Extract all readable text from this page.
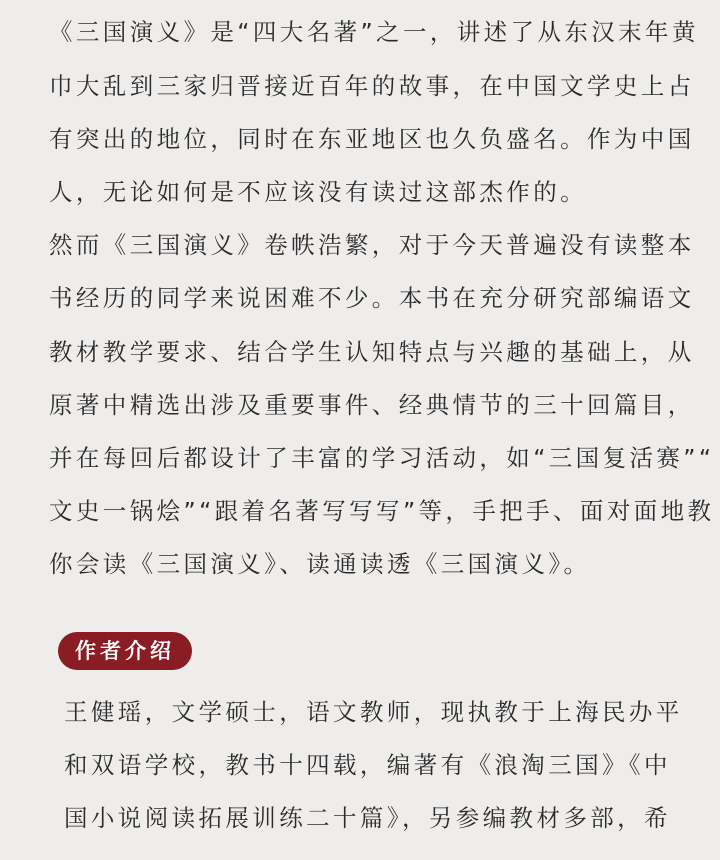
《三国演义》是“四大名著”之一，讲述了从东汉末年黄
巾大乱到三家归晋接近百年的故事，在中国文学史上占
有突出的地位，同时在东亚地区也久负盛名。作为中国
人，无论如何是不应该没有读过这部杰作的。
然而《三国演义》卷帙浩繁，对于今天普遍没有读整本
书经历的同学来说困难不少。本书在充分研究部编语文
教材教学要求、结合学生认知特点与兴趣的基础上，从
原著中精选出涉及重要事件、经典情节的三十回篇目，
并在每回后都设计了丰富的学习活动，如“三国复活赛”“
文史一锅烩”“跟着名著写写写”等，手把手、面对面地教
你会读《三国演义》、读通读透《三国演义》。
作者介绍
王健瑶，文学硕士，语文教师，现执教于上海民办平
和双语学校，教书十四载，编著有《浪淘三国》《中
国小说阅读拓展训练二十篇》，另参编教材多部，希
